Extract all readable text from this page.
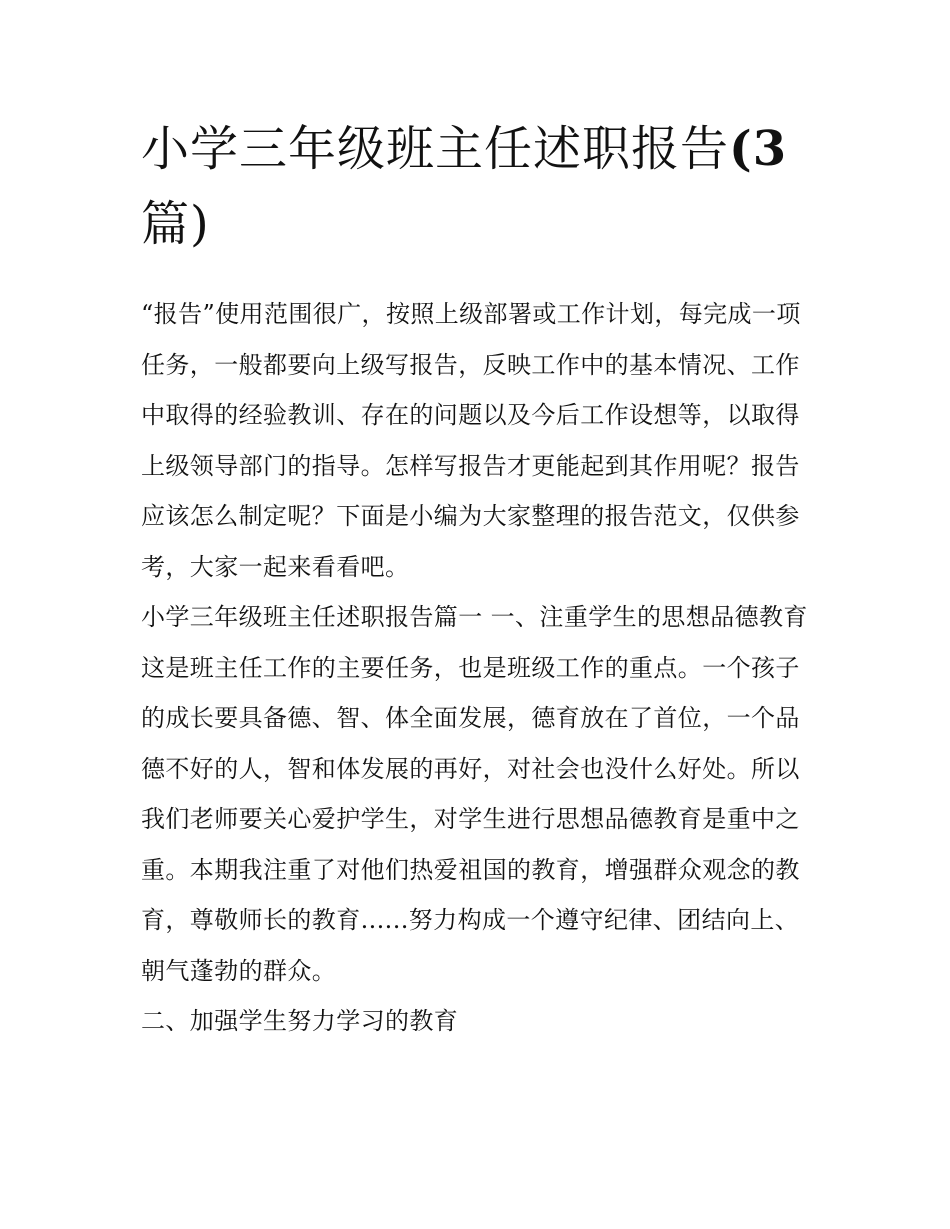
小学三年级班主任述职报告(3
篇)

“报告”使用范围很广，按照上级部署或工作计划，每完成一项任务，一般都要向上级写报告，反映工作中的基本情况、工作中取得的经验教训、存在的问题以及今后工作设想等，以取得上级领导部门的指导。怎样写报告才更能起到其作用呢？报告应该怎么制定呢？下面是小编为大家整理的报告范文，仅供参考，大家一起来看看吧。

小学三年级班主任述职报告篇一 一、注重学生的思想品德教育

这是班主任工作的主要任务，也是班级工作的重点。一个孩子的成长要具备德、智、体全面发展，德育放在了首位，一个品德不好的人，智和体发展的再好，对社会也没什么好处。所以我们老师要关心爱护学生，对学生进行思想品德教育是重中之重。本期我注重了对他们热爱祖国的教育，增强群众观念的教育，尊敬师长的教育......努力构成一个遵守纪律、团结向上、朝气蓬勃的群众。

二、加强学生努力学习的教育
